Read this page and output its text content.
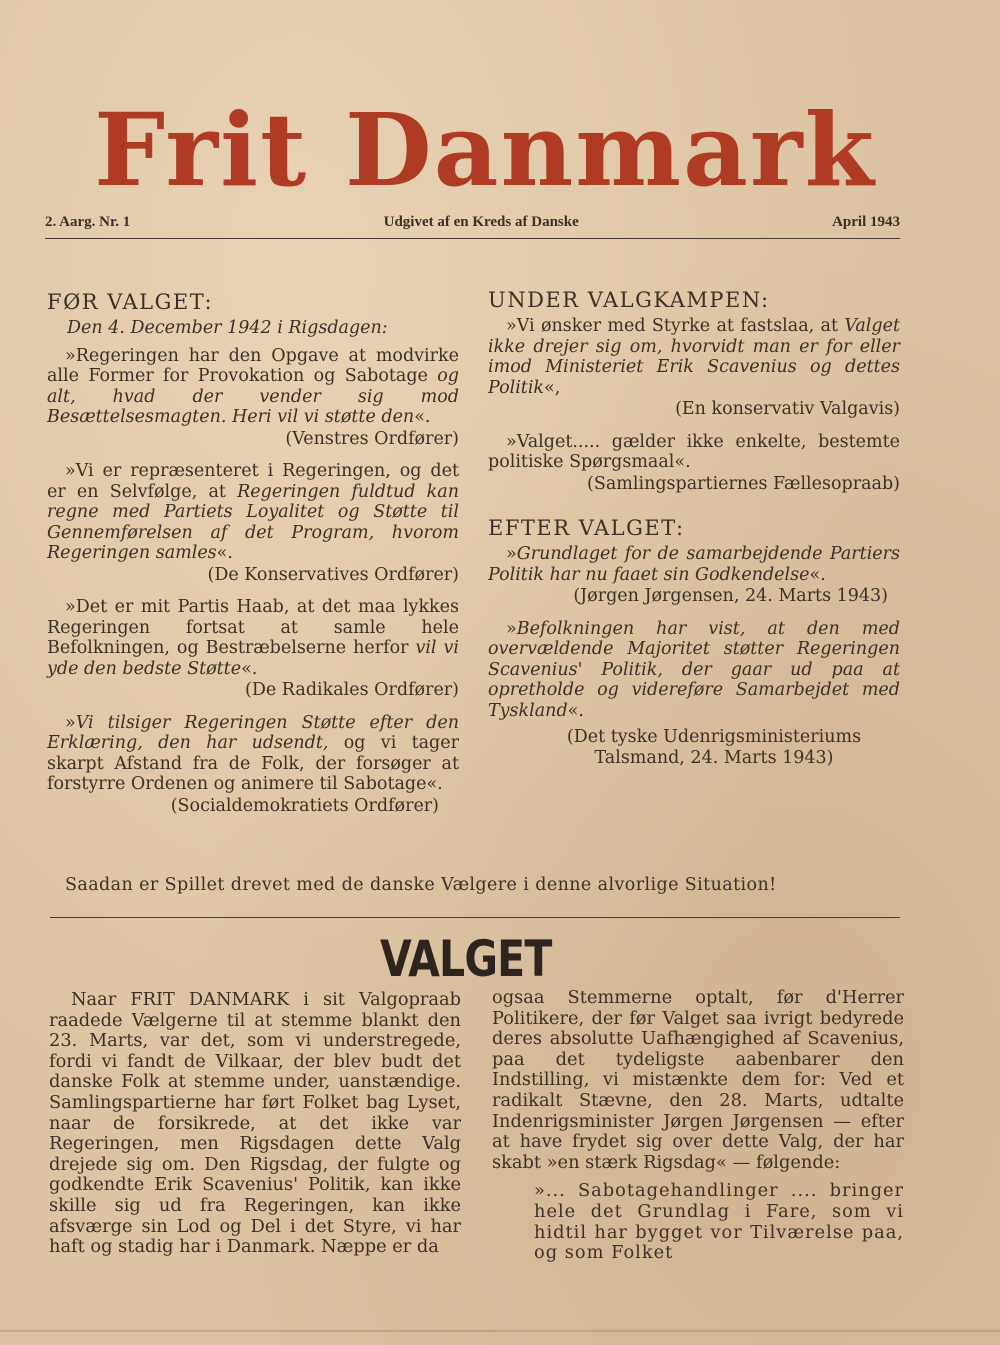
Frit Danmark
2. Aarg. Nr. 1	Udgivet af en Kreds af Danske	April 1943
FØR VALGET:

Den 4. December 1942 i Rigsdagen:

»Regeringen har den Opgave at modvirke alle Former for Provokation og Sabotage og alt, hvad der vender sig mod Besættelsesmagten. Heri vil vi støtte den«.

(Venstres Ordfører)

»Vi er repræsenteret i Regeringen, og det er en Selvfølge, at Regeringen fuldtud kan regne med Partiets Loyalitet og Støtte til Gennemførelsen af det Program, hvorom Regeringen samles«.

(De Konservatives Ordfører)

»Det er mit Partis Haab, at det maa lykkes Regeringen fortsat at samle hele Befolkningen, og Bestræbelserne herfor vil vi yde den bedste Støtte«.

(De Radikales Ordfører)

»Vi tilsiger Regeringen Støtte efter den Erklæring, den har udsendt, og vi tager skarpt Afstand fra de Folk, der forsøger at forstyrre Ordenen og animere til Sabotage«.

(Socialdemokratiets Ordfører)

UNDER VALGKAMPEN:

»Vi ønsker med Styrke at fastslaa, at Valget ikke drejer sig om, hvorvidt man er for eller imod Ministeriet Erik Scavenius og dettes Politik«,

(En konservativ Valgavis)

»Valget..... gælder ikke enkelte, bestemte politiske Spørgsmaal«.

(Samlingspartiernes Fællesopraab)

EFTER VALGET:

»Grundlaget for de samarbejdende Partiers Politik har nu faaet sin Godkendelse«.

(Jørgen Jørgensen, 24. Marts 1943)

»Befolkningen har vist, at den med overvældende Majoritet støtter Regeringen Scavenius' Politik, der gaar ud paa at opretholde og videreføre Samarbejdet med Tyskland«.

(Det tyske Udenrigsministeriums
Talsmand, 24. Marts 1943)

Saadan er Spillet drevet med de danske Vælgere i denne alvorlige Situation!
VALGET

Naar FRIT DANMARK i sit Valgopraab raadede Vælgerne til at stemme blankt den 23. Marts, var det, som vi understregede, fordi vi fandt de Vilkaar, der blev budt det danske Folk at stemme under, uanstændige. Samlingspartierne har ført Folket bag Lyset, naar de forsikrede, at det ikke var Regeringen, men Rigsdagen dette Valg drejede sig om. Den Rigsdag, der fulgte og godkendte Erik Scavenius' Politik, kan ikke skille sig ud fra Regeringen, kan ikke afsværge sin Lod og Del i det Styre, vi har haft og stadig har i Danmark. Næppe er da

ogsaa Stemmerne optalt, før d'Herrer Politikere, der før Valget saa ivrigt bedyrede deres absolutte Uafhængighed af Scavenius, paa det tydeligste aabenbarer den Indstilling, vi mistænkte dem for: Ved et radikalt Stævne, den 28. Marts, udtalte Indenrigsminister Jørgen Jørgensen — efter at have frydet sig over dette Valg, der har skabt »en stærk Rigsdag« — følgende:

»... Sabotagehandlinger .... bringer hele det Grundlag i Fare, som vi hidtil har bygget vor Tilværelse paa, og som Folket
